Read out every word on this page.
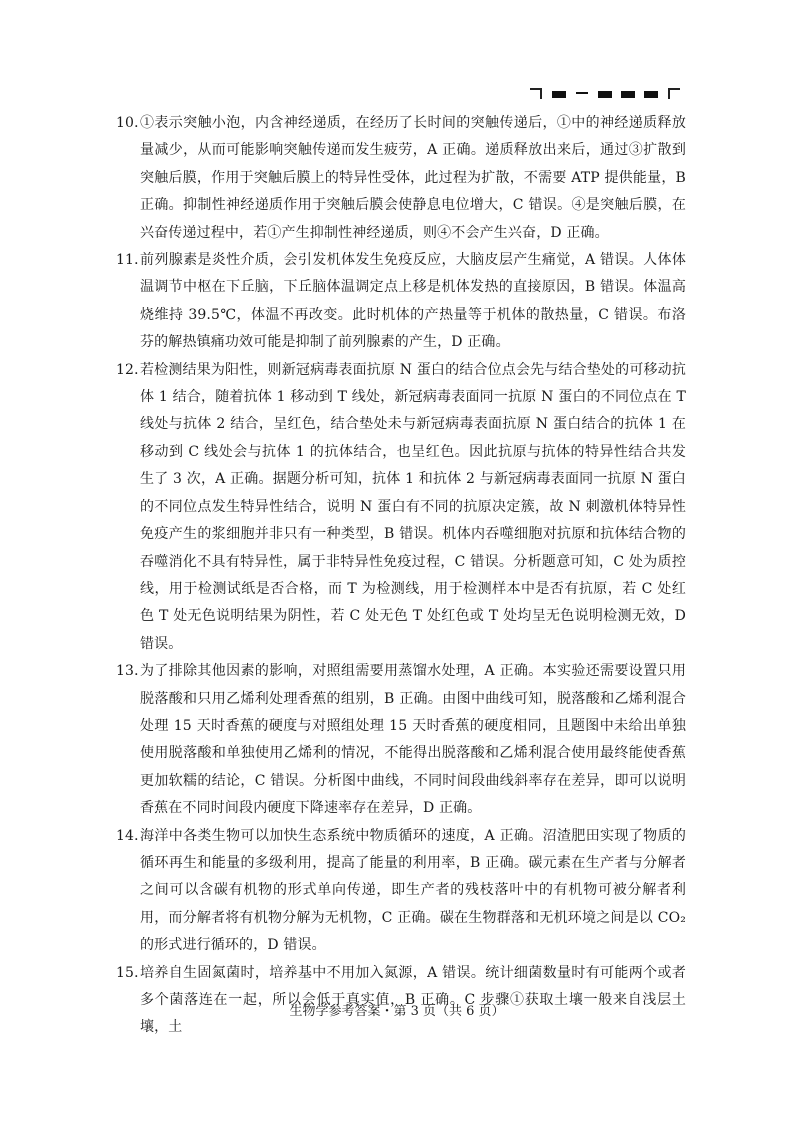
10．
①表示突触小泡，内含神经递质，在经历了长时间的突触传递后，①中的神经递质释放量减少，从而可能影响突触传递而发生疲劳，A 正确。递质释放出来后，通过③扩散到突触后膜，作用于突触后膜上的特异性受体，此过程为扩散，不需要 ATP 提供能量，B 正确。抑制性神经递质作用于突触后膜会使静息电位增大，C 错误。④是突触后膜，在兴奋传递过程中，若①产生抑制性神经递质，则④不会产生兴奋，D 正确。

11．
前列腺素是炎性介质，会引发机体发生免疫反应，大脑皮层产生痛觉，A 错误。人体体温调节中枢在下丘脑，下丘脑体温调定点上移是机体发热的直接原因，B 错误。体温高烧维持 39.5℃，体温不再改变。此时机体的产热量等于机体的散热量，C 错误。布洛芬的解热镇痛功效可能是抑制了前列腺素的产生，D 正确。

12．
若检测结果为阳性，则新冠病毒表面抗原 N 蛋白的结合位点会先与结合垫处的可移动抗体 1 结合，随着抗体 1 移动到 T 线处，新冠病毒表面同一抗原 N 蛋白的不同位点在 T 线处与抗体 2 结合，呈红色，结合垫处未与新冠病毒表面抗原 N 蛋白结合的抗体 1 在移动到 C 线处会与抗体 1 的抗体结合，也呈红色。因此抗原与抗体的特异性结合共发生了 3 次，A 正确。据题分析可知，抗体 1 和抗体 2 与新冠病毒表面同一抗原 N 蛋白的不同位点发生特异性结合，说明 N 蛋白有不同的抗原决定簇，故 N 刺激机体特异性免疫产生的浆细胞并非只有一种类型，B 错误。机体内吞噬细胞对抗原和抗体结合物的吞噬消化不具有特异性，属于非特异性免疫过程，C 错误。分析题意可知，C 处为质控线，用于检测试纸是否合格，而 T 为检测线，用于检测样本中是否有抗原，若 C 处红色 T 处无色说明结果为阴性，若 C 处无色 T 处红色或 T 处均呈无色说明检测无效，D 错误。

13．
为了排除其他因素的影响，对照组需要用蒸馏水处理，A 正确。本实验还需要设置只用脱落酸和只用乙烯利处理香蕉的组别，B 正确。由图中曲线可知，脱落酸和乙烯利混合处理 15 天时香蕉的硬度与对照组处理 15 天时香蕉的硬度相同，且题图中未给出单独使用脱落酸和单独使用乙烯利的情况，不能得出脱落酸和乙烯利混合使用最终能使香蕉更加软糯的结论，C 错误。分析图中曲线，不同时间段曲线斜率存在差异，即可以说明香蕉在不同时间段内硬度下降速率存在差异，D 正确。

14．
海洋中各类生物可以加快生态系统中物质循环的速度，A 正确。沼渣肥田实现了物质的循环再生和能量的多级利用，提高了能量的利用率，B 正确。碳元素在生产者与分解者之间可以含碳有机物的形式单向传递，即生产者的残枝落叶中的有机物可被分解者利用，而分解者将有机物分解为无机物，C 正确。碳在生物群落和无机环境之间是以 CO₂ 的形式进行循环的，D 错误。

15．
培养自生固氮菌时，培养基中不用加入氮源，A 错误。统计细菌数量时有可能两个或者多个菌落连在一起，所以会低于真实值，B 正确。C 步骤①获取土壤一般来自浅层土壤，土

生物学参考答案・第 3 页（共 6 页）
